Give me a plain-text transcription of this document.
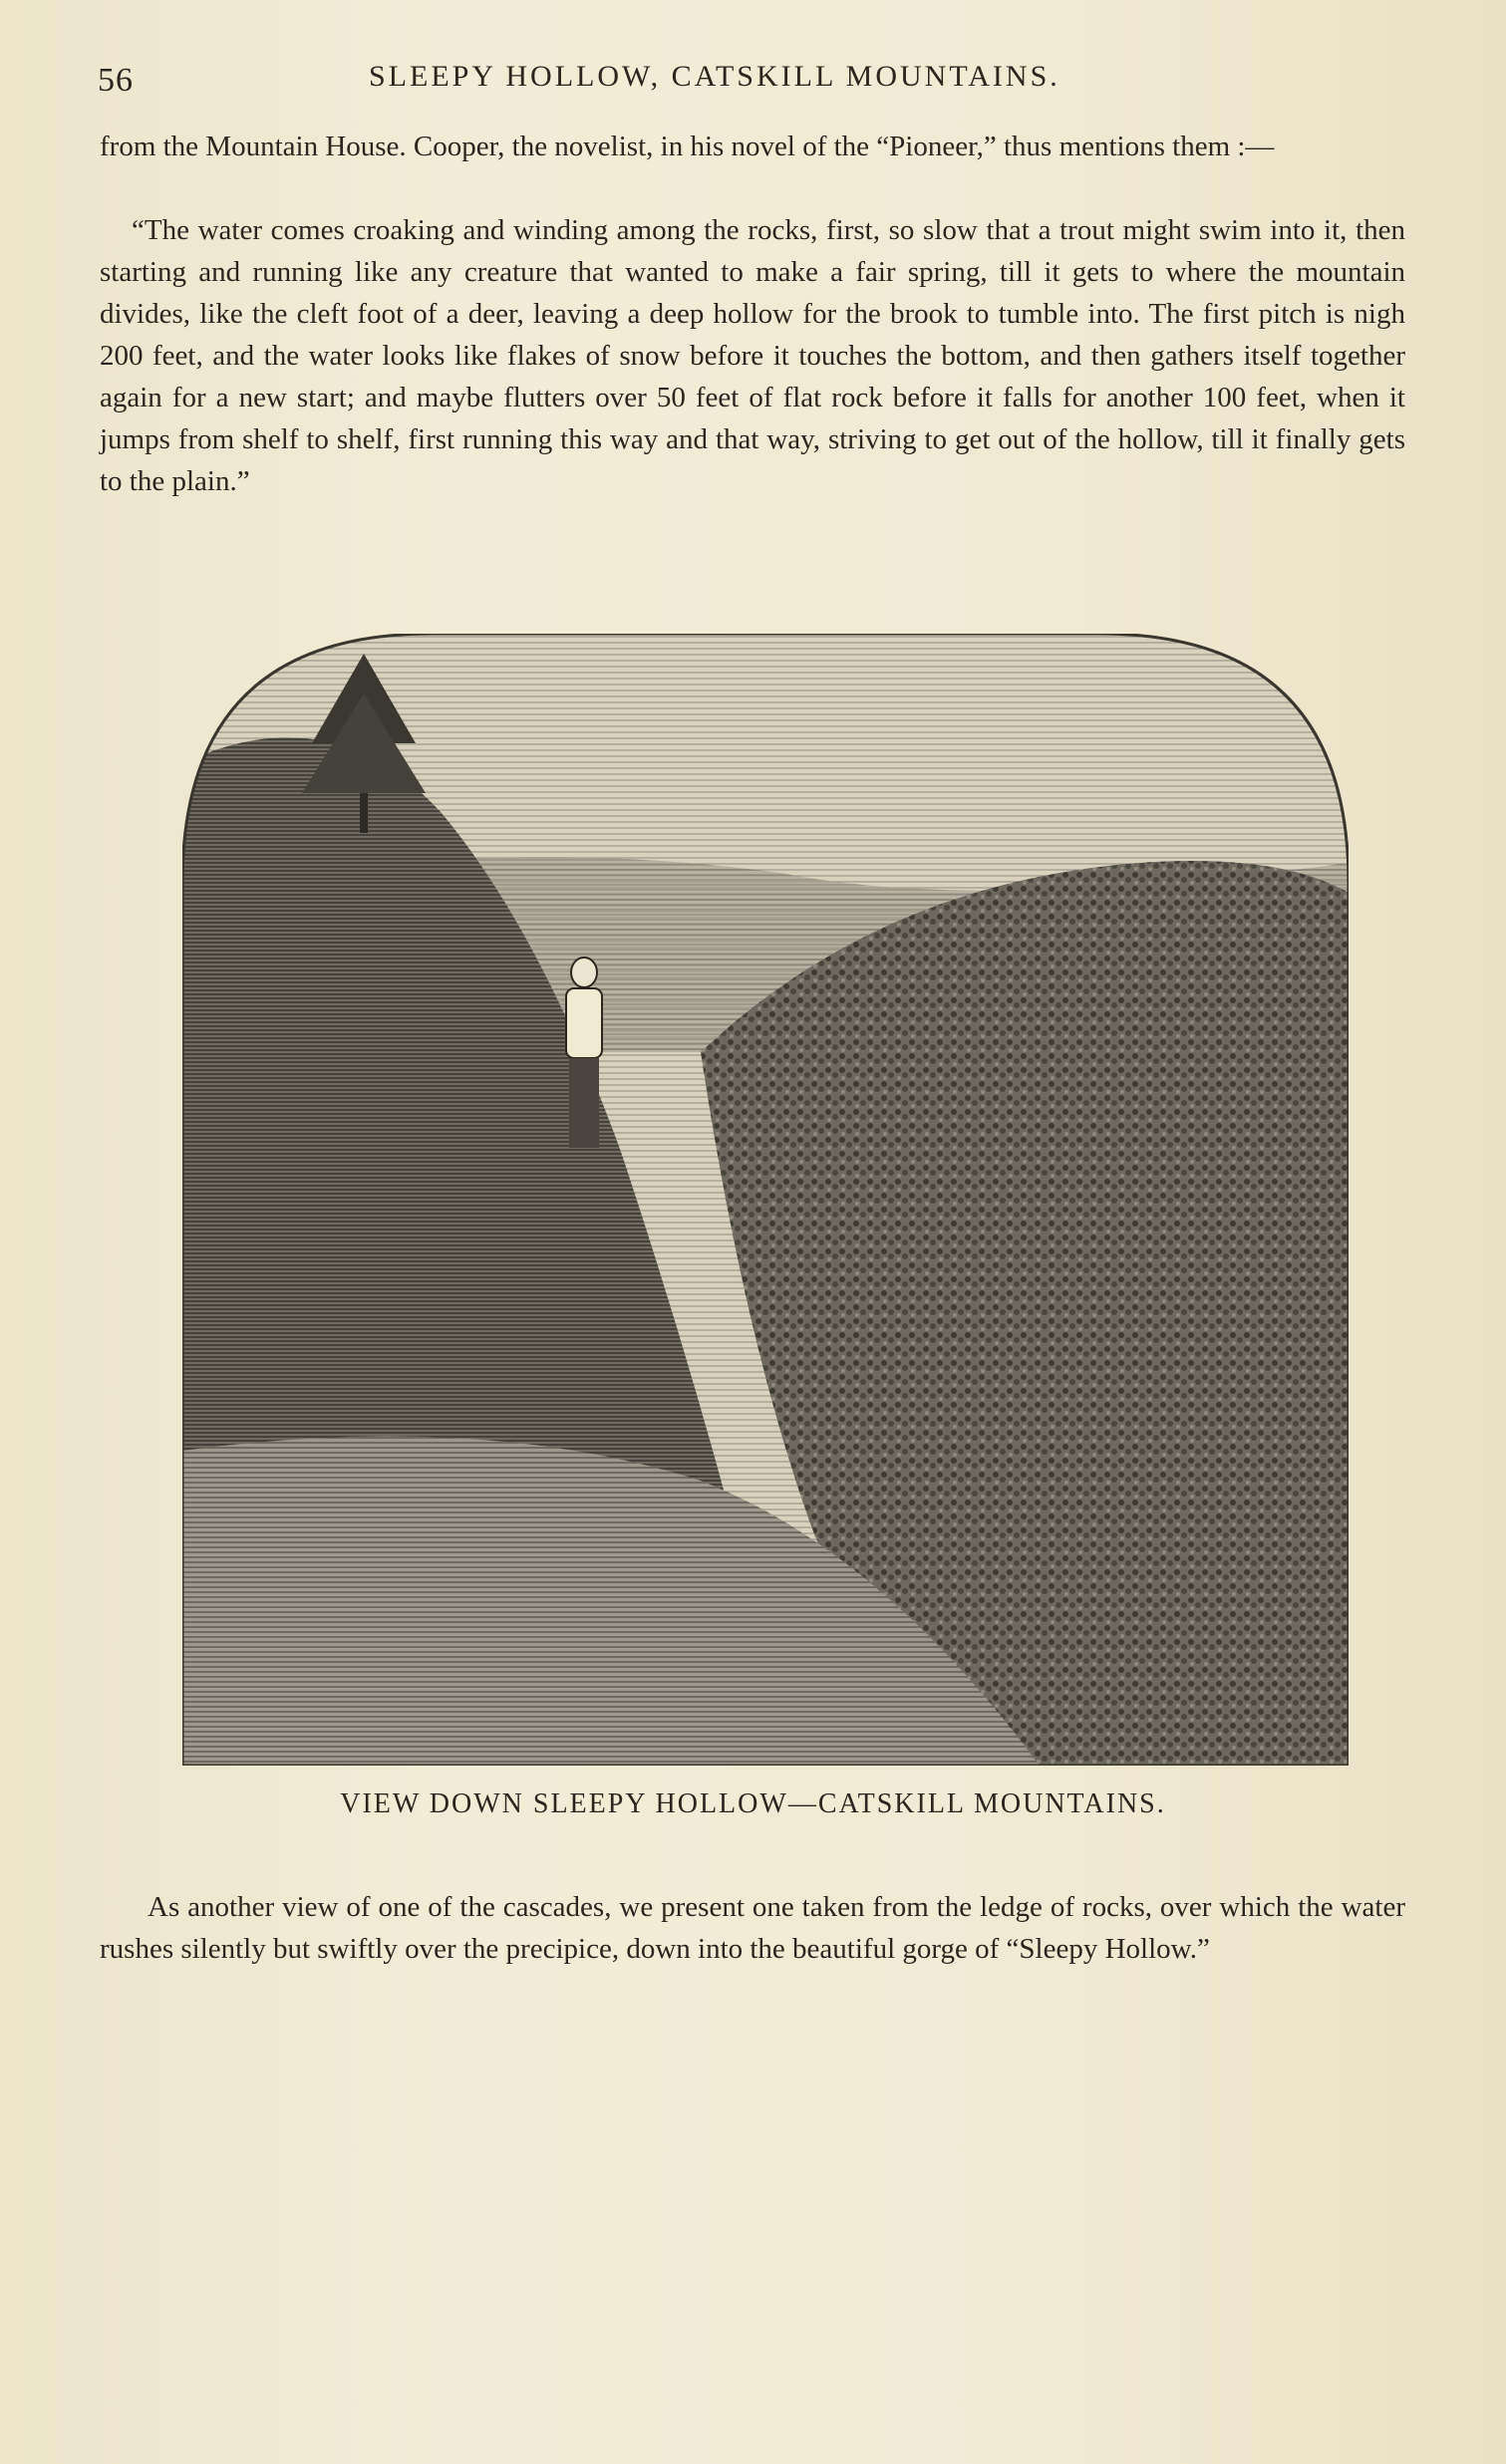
56	SLEEPY HOLLOW, CATSKILL MOUNTAINS.

from the Mountain House. Cooper, the novelist, in his novel of the “Pioneer,” thus mentions them :—

“The water comes croaking and winding among the rocks, first, so slow that a trout might swim into it, then starting and running like any creature that wanted to make a fair spring, till it gets to where the mountain divides, like the cleft foot of a deer, leaving a deep hollow for the brook to tumble into. The first pitch is nigh 200 feet, and the water looks like flakes of snow before it touches the bottom, and then gathers itself together again for a new start; and maybe flutters over 50 feet of flat rock before it falls for another 100 feet, when it jumps from shelf to shelf, first running this way and that way, striving to get out of the hollow, till it finally gets to the plain.”

VIEW DOWN SLEEPY HOLLOW—CATSKILL MOUNTAINS.

As another view of one of the cascades, we present one taken from the ledge of rocks, over which the water rushes silently but swiftly over the precipice, down into the beautiful gorge of “Sleepy Hollow.”
